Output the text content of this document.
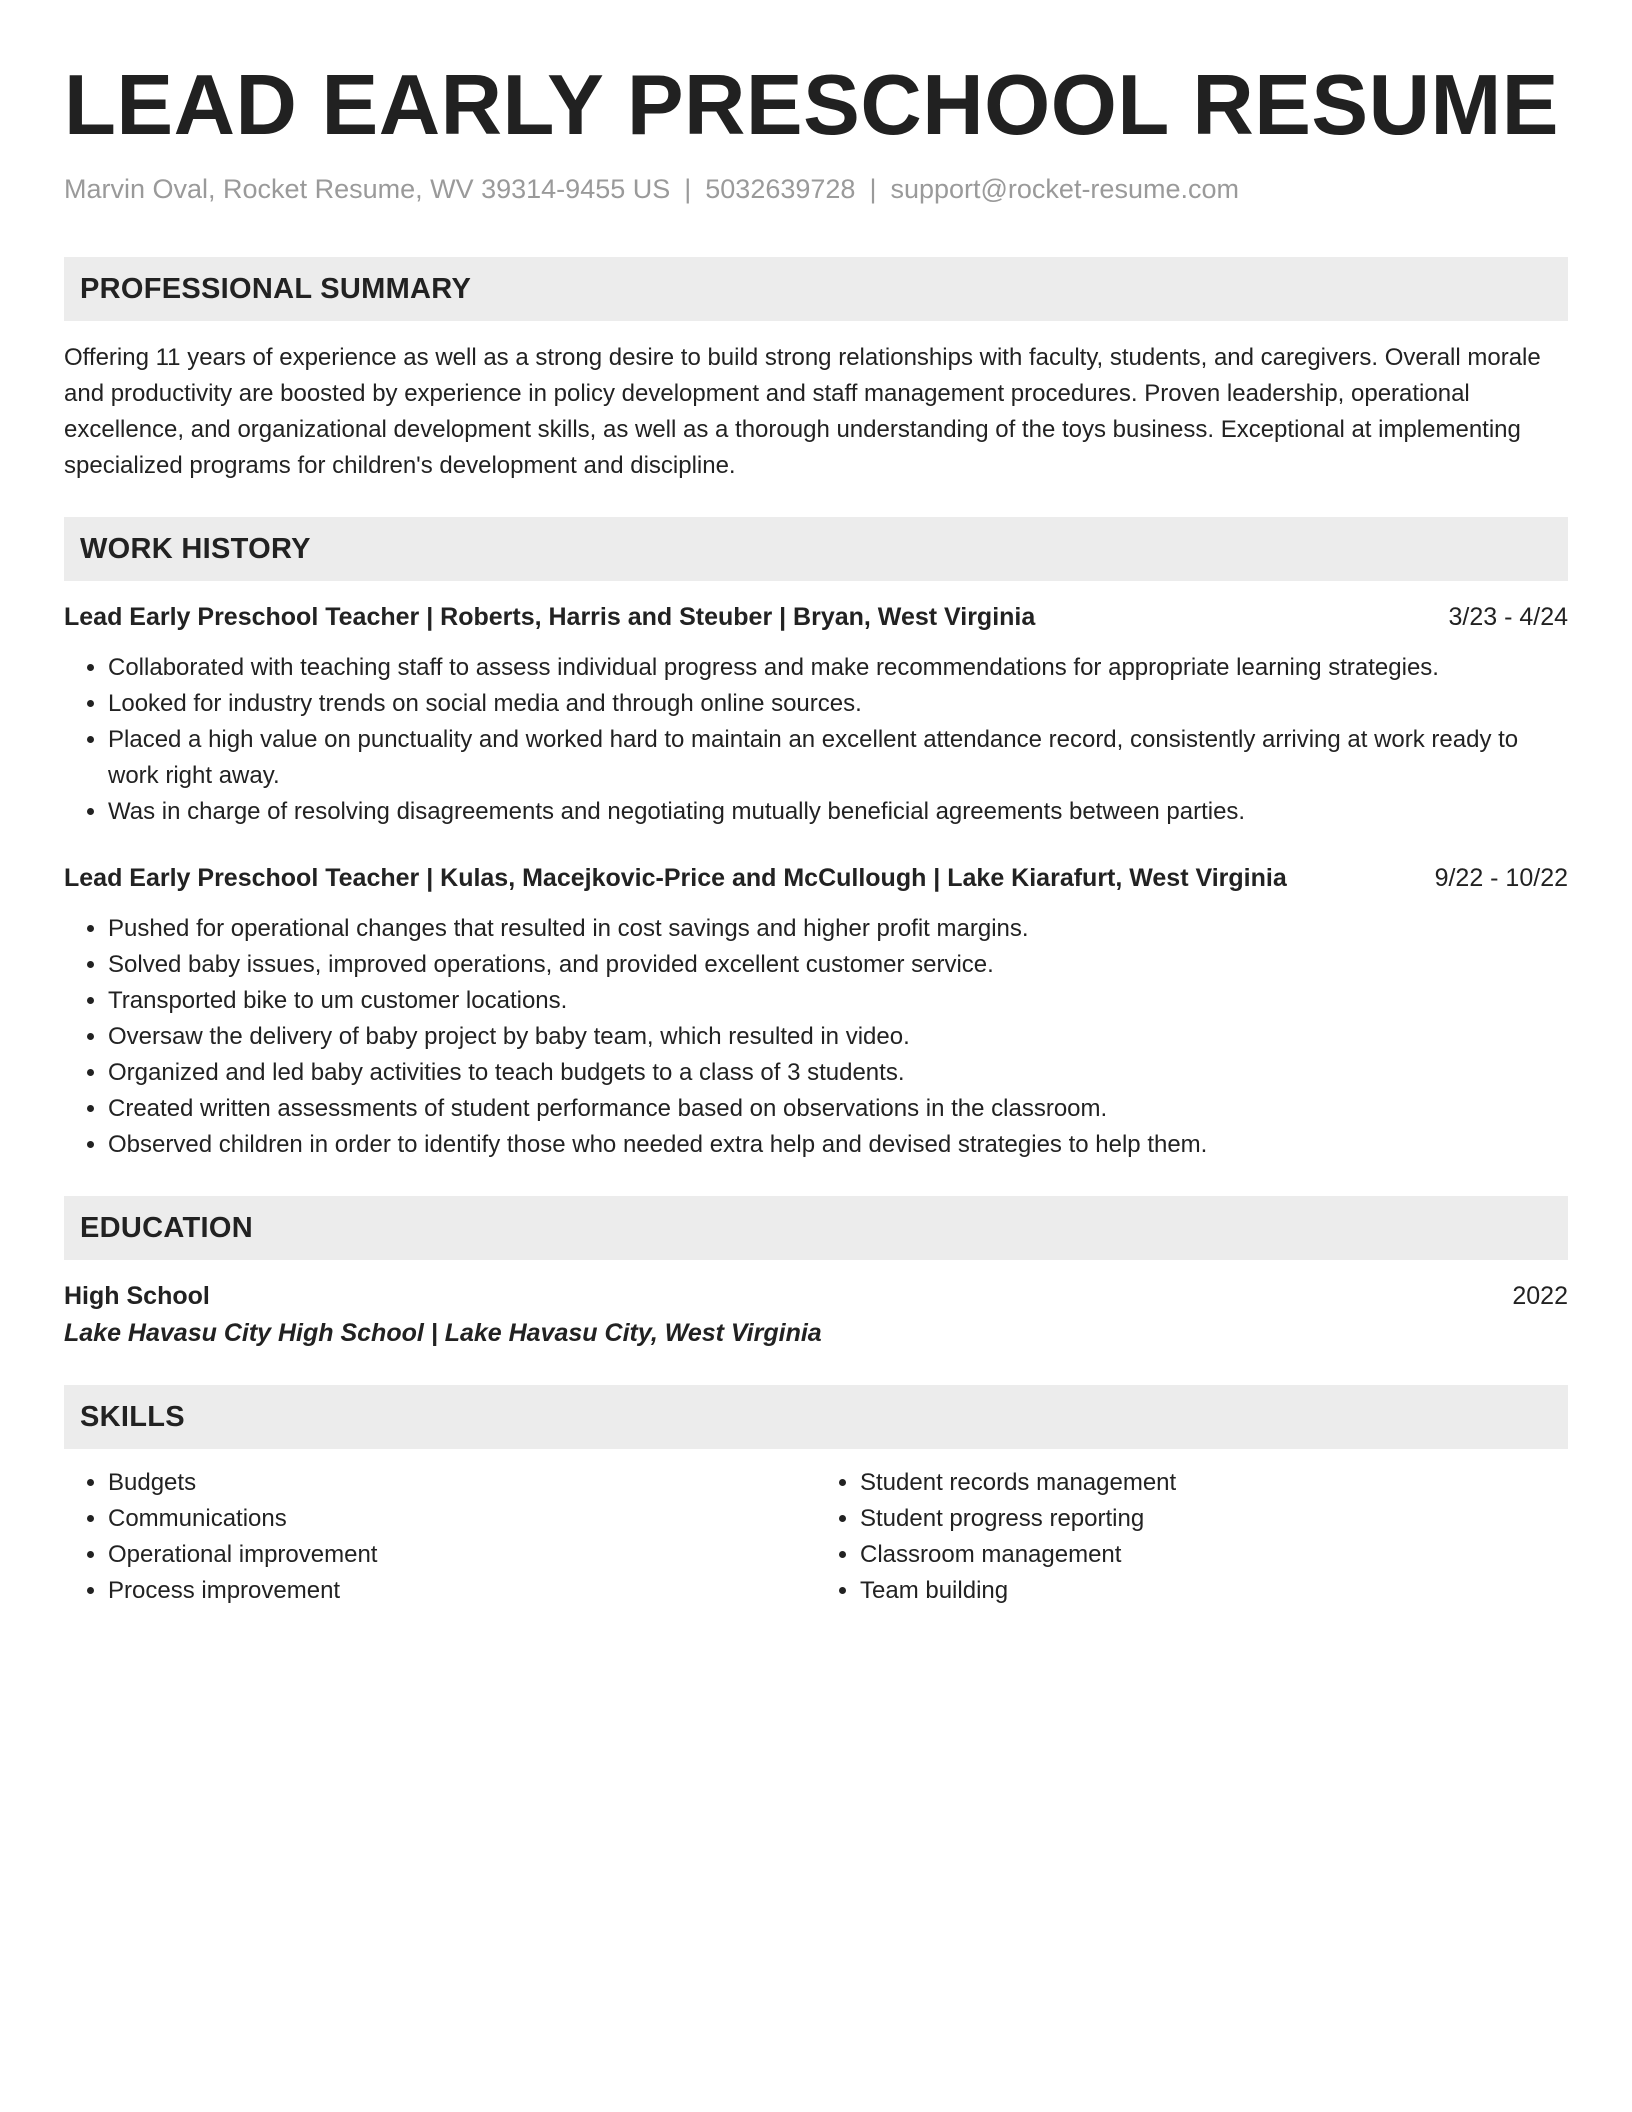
LEAD EARLY PRESCHOOL RESUME
Marvin Oval, Rocket Resume, WV 39314-9455 US | 5032639728 | support@rocket-resume.com
PROFESSIONAL SUMMARY
Offering 11 years of experience as well as a strong desire to build strong relationships with faculty, students, and caregivers. Overall morale and productivity are boosted by experience in policy development and staff management procedures. Proven leadership, operational excellence, and organizational development skills, as well as a thorough understanding of the toys business. Exceptional at implementing specialized programs for children's development and discipline.
WORK HISTORY
Lead Early Preschool Teacher | Roberts, Harris and Steuber | Bryan, West Virginia	3/23 - 4/24
• Collaborated with teaching staff to assess individual progress and make recommendations for appropriate learning strategies.
• Looked for industry trends on social media and through online sources.
• Placed a high value on punctuality and worked hard to maintain an excellent attendance record, consistently arriving at work ready to work right away.
• Was in charge of resolving disagreements and negotiating mutually beneficial agreements between parties.
Lead Early Preschool Teacher | Kulas, Macejkovic-Price and McCullough | Lake Kiarafurt, West Virginia	9/22 - 10/22
• Pushed for operational changes that resulted in cost savings and higher profit margins.
• Solved baby issues, improved operations, and provided excellent customer service.
• Transported bike to um customer locations.
• Oversaw the delivery of baby project by baby team, which resulted in video.
• Organized and led baby activities to teach budgets to a class of 3 students.
• Created written assessments of student performance based on observations in the classroom.
• Observed children in order to identify those who needed extra help and devised strategies to help them.
EDUCATION
High School	2022
Lake Havasu City High School | Lake Havasu City, West Virginia
SKILLS
• Budgets
• Communications
• Operational improvement
• Process improvement
• Student records management
• Student progress reporting
• Classroom management
• Team building
